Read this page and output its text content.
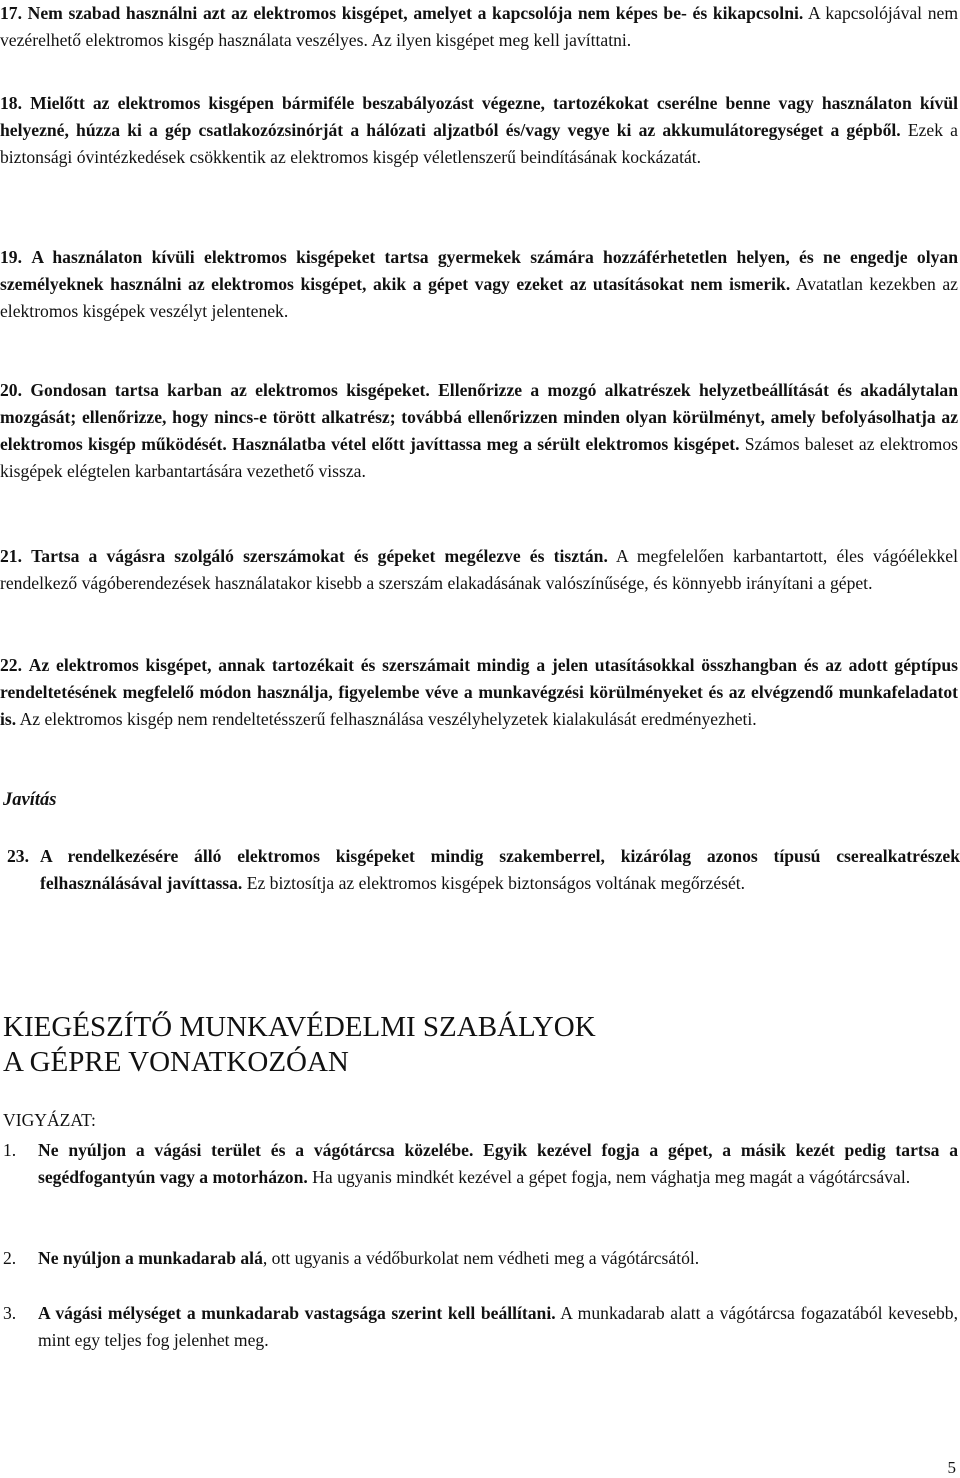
17. Nem szabad használni azt az elektromos kisgépet, amelyet a kapcsolója nem képes be- és kikapcsolni. A kapcsolójával nem vezérelhető elektromos kisgép használata veszélyes. Az ilyen kisgépet meg kell javíttatni.
18. Mielőtt az elektromos kisgépen bármiféle beszabályozást végezne, tartozékokat cserélne benne vagy használaton kívül helyezné, húzza ki a gép csatlakozózsinórját a hálózati aljzatból és/vagy vegye ki az akkumulátoregységet a gépből. Ezek a biztonsági óvintézkedések csökkentik az elektromos kisgép véletlenszerű beindításának kockázatát.
19. A használaton kívüli elektromos kisgépeket tartsa gyermekek számára hozzáférhetetlen helyen, és ne engedje olyan személyeknek használni az elektromos kisgépet, akik a gépet vagy ezeket az utasításokat nem ismerik. Avatatlan kezekben az elektromos kisgépek veszélyt jelentenek.
20. Gondosan tartsa karban az elektromos kisgépeket. Ellenőrizze a mozgó alkatrészek helyzetbeállítását és akadálytalan mozgását; ellenőrizze, hogy nincs-e törött alkatrész; továbbá ellenőrizzen minden olyan körülményt, amely befolyásolhatja az elektromos kisgép működését. Használatba vétel előtt javíttassa meg a sérült elektromos kisgépet. Számos baleset az elektromos kisgépek elégtelen karbantartására vezethető vissza.
21. Tartsa a vágásra szolgáló szerszámokat és gépeket megélezve és tisztán. A megfelelően karbantartott, éles vágóélekkel rendelkező vágóberendezések használatakor kisebb a szerszám elakadásának valószínűsége, és könnyebb irányítani a gépet.
22. Az elektromos kisgépet, annak tartozékait és szerszámait mindig a jelen utasításokkal összhangban és az adott géptípus rendeltetésének megfelelő módon használja, figyelembe véve a munkavégzési körülményeket és az elvégzendő munkafeladatot is. Az elektromos kisgép nem rendeltetésszerű felhasználása veszélyhelyzetek kialakulását eredményezheti.
Javítás
23. A rendelkezésére álló elektromos kisgépeket mindig szakemberrel, kizárólag azonos típusú cserealkatrészek felhasználásával javíttassa. Ez biztosítja az elektromos kisgépek biztonságos voltának megőrzését.
KIEGÉSZÍTŐ MUNKAVÉDELMI SZABÁLYOK
A GÉPRE VONATKOZÓAN
VIGYÁZAT:
1. Ne nyúljon a vágási terület és a vágótárcsa közelébe. Egyik kezével fogja a gépet, a másik kezét pedig tartsa a segédfogantyún vagy a motorházon. Ha ugyanis mindkét kezével a gépet fogja, nem vághatja meg magát a vágótárcsával.
2. Ne nyúljon a munkadarab alá, ott ugyanis a védőburkolat nem védheti meg a vágótárcsától.
3. A vágási mélységet a munkadarab vastagsága szerint kell beállítani. A munkadarab alatt a vágótárcsa fogazatából kevesebb, mint egy teljes fog jelenhet meg.
5
